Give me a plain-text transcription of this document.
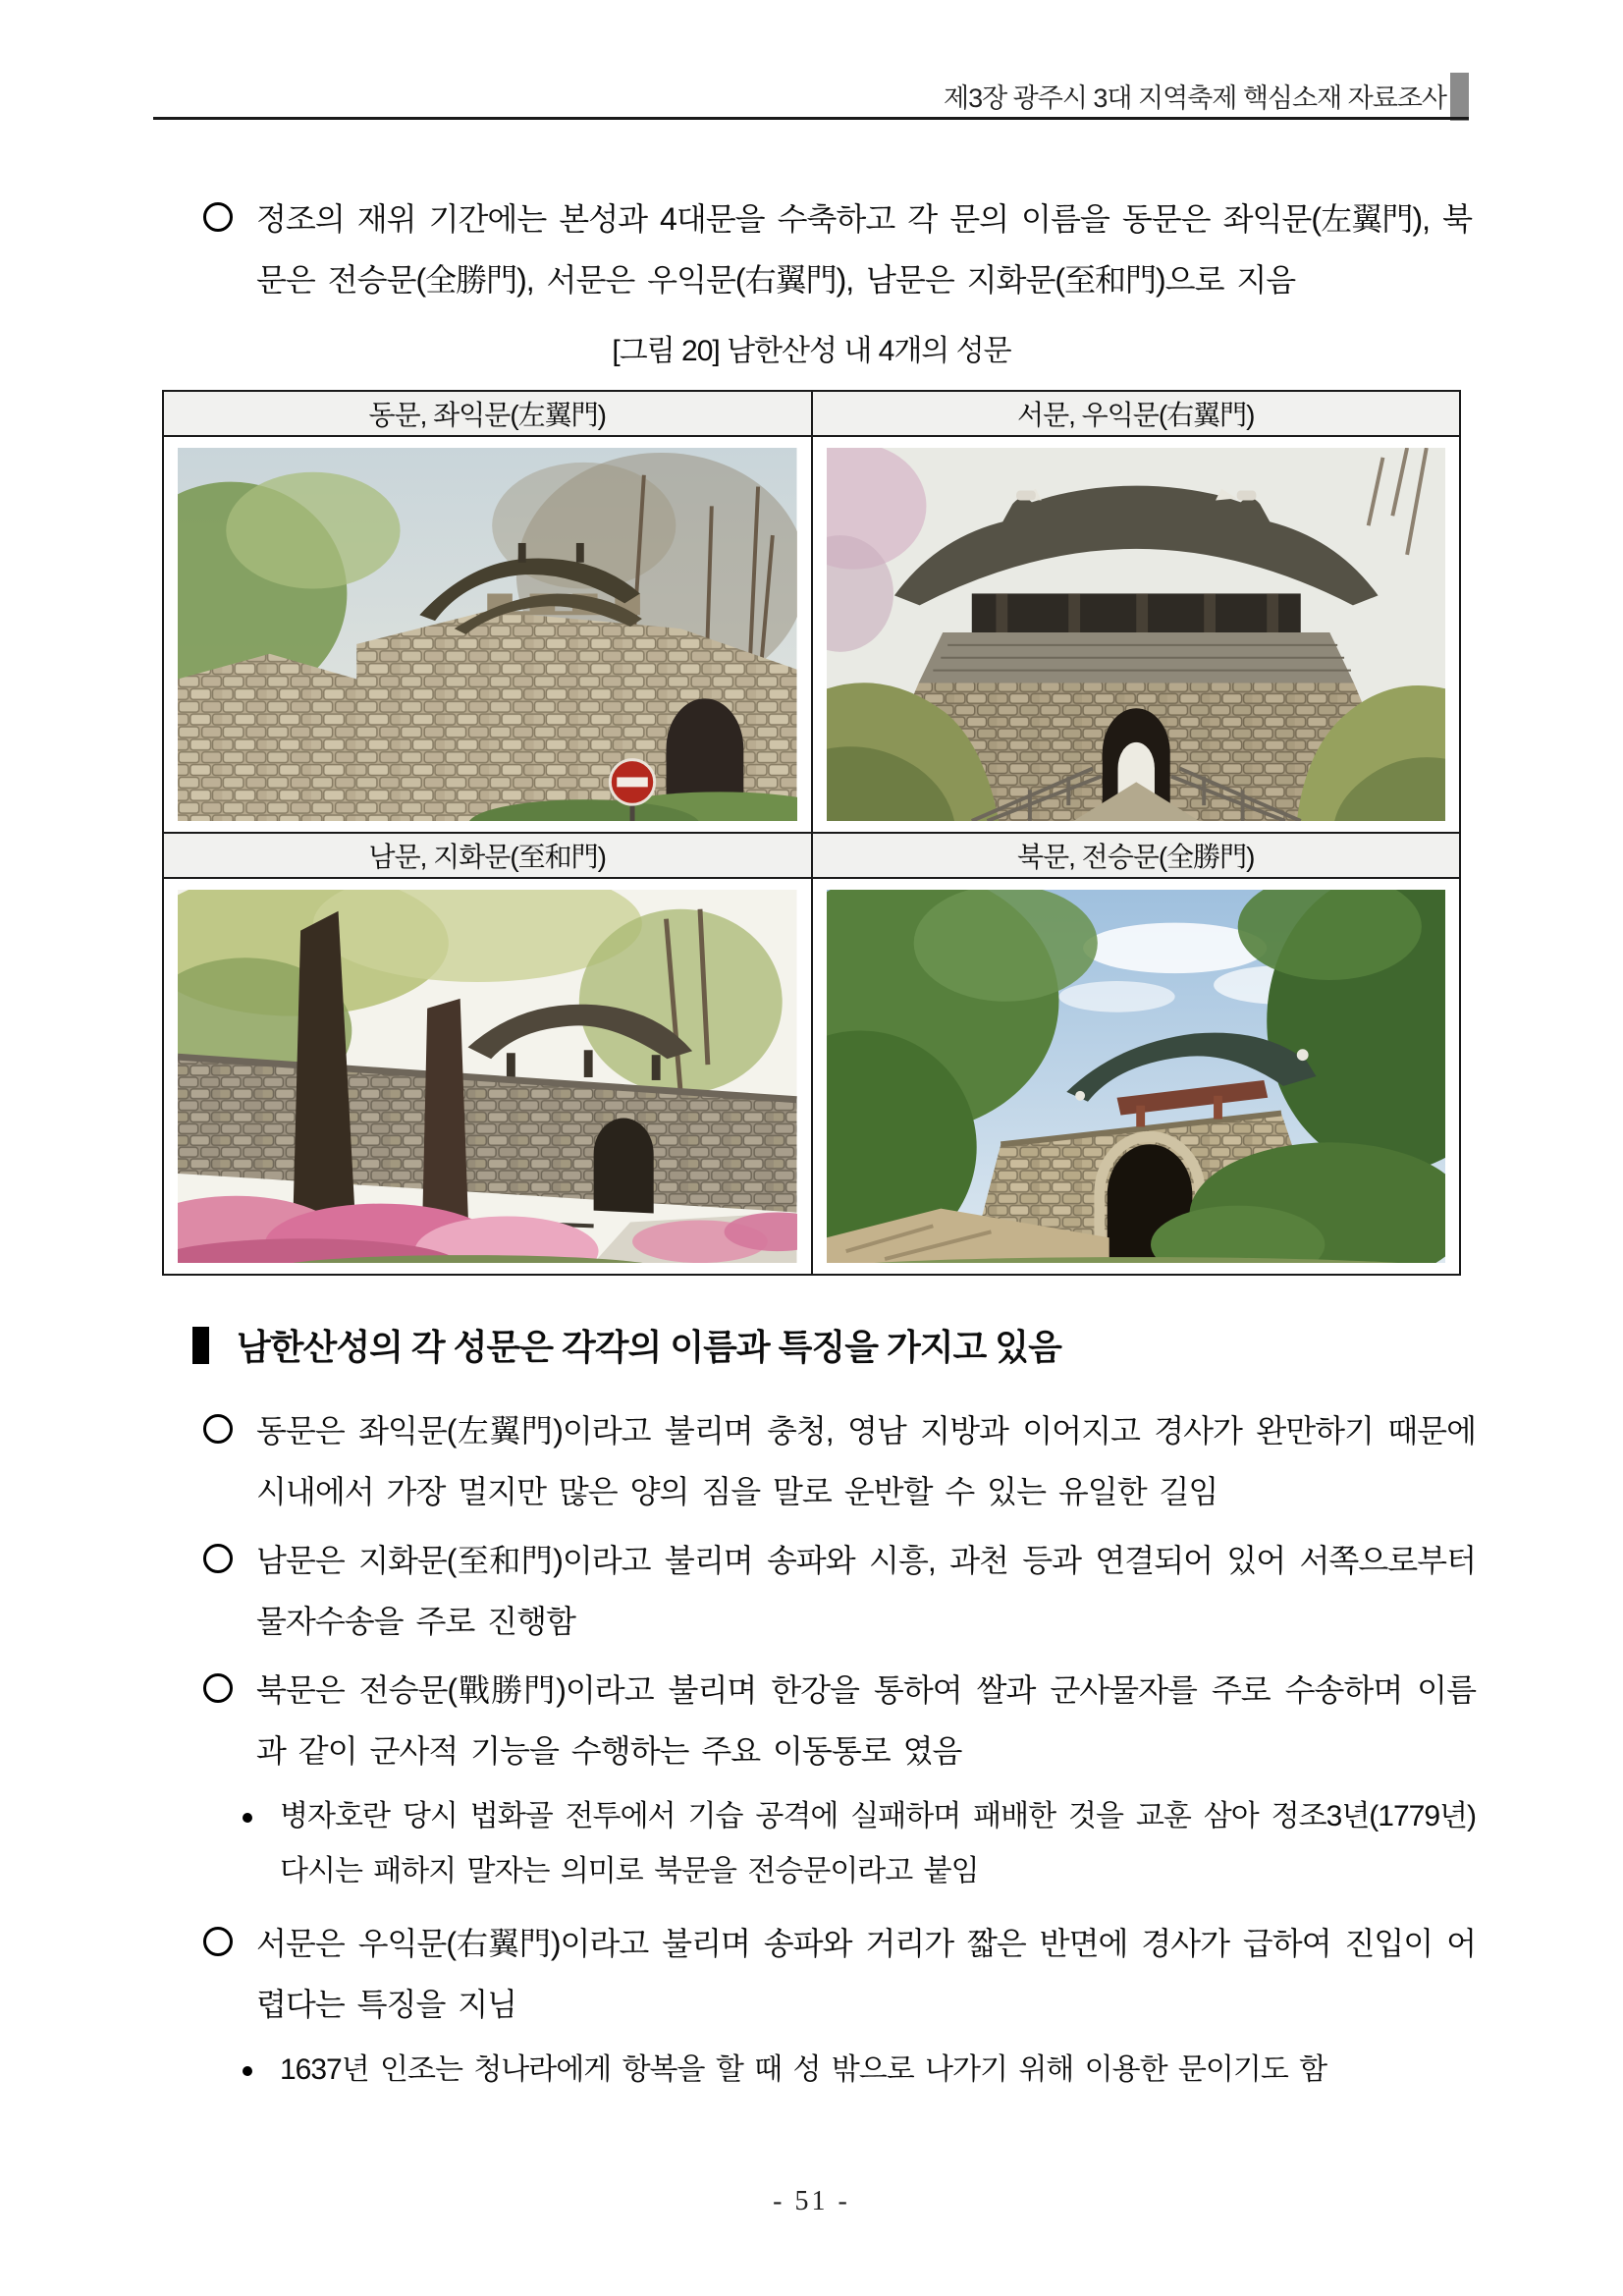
제3장 광주시 3대 지역축제 핵심소재 자료조사

정조의 재위 기간에는 본성과 4대문을 수축하고 각 문의 이름을 동문은 좌익문(左翼門), 북문은 전승문(全勝門), 서문은 우익문(右翼門), 남문은 지화문(至和門)으로 지음

[그림 20] 남한산성 내 4개의 성문
동문, 좌익문(左翼門)	서문, 우익문(右翼門)

남문, 지화문(至和門)	북문, 전승문(全勝門)

남한산성의 각 성문은 각각의 이름과 특징을 가지고 있음

동문은 좌익문(左翼門)이라고 불리며 충청, 영남 지방과 이어지고 경사가 완만하기 때문에 시내에서 가장 멀지만 많은 양의 짐을 말로 운반할 수 있는 유일한 길임

남문은 지화문(至和門)이라고 불리며 송파와 시흥, 과천 등과 연결되어 있어 서쪽으로부터 물자수송을 주로 진행함

북문은 전승문(戰勝門)이라고 불리며 한강을 통하여 쌀과 군사물자를 주로 수송하며 이름과 같이 군사적 기능을 수행하는 주요 이동통로 였음

병자호란 당시 법화골 전투에서 기습 공격에 실패하며 패배한 것을 교훈 삼아 정조3년(1779년) 다시는 패하지 말자는 의미로 북문을 전승문이라고 붙임

서문은 우익문(右翼門)이라고 불리며 송파와 거리가 짧은 반면에 경사가 급하여 진입이 어렵다는 특징을 지님

1637년 인조는 청나라에게 항복을 할 때 성 밖으로 나가기 위해 이용한 문이기도 함

- 51 -
